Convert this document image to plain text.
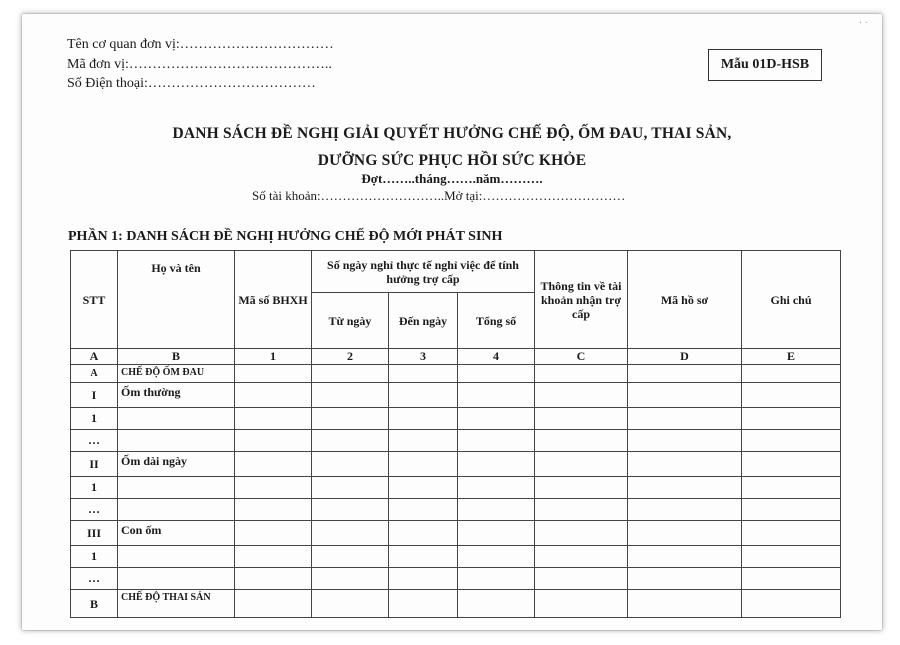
· ·
Tên cơ quan đơn vị:……………………………
Mã đơn vị:……………………………………..
Số Điện thoại:………………………………
Mẫu 01D-HSB
DANH SÁCH ĐỀ NGHỊ GIẢI QUYẾT HƯỞNG CHẾ ĐỘ, ỐM ĐAU, THAI SẢN,
DƯỠNG SỨC PHỤC HỒI SỨC KHỎE
Đợt……..tháng…….năm……….
Số tài khoản:………………………..Mở tại:……………………………
PHẦN 1: DANH SÁCH ĐỀ NGHỊ HƯỞNG CHẾ ĐỘ MỚI PHÁT SINH
STT	Họ và tên	Mã số BHXH	Số ngày nghỉ thực tế nghỉ việc để tính hưởng trợ cấp			Thông tin về tài khoản nhận trợ cấp	Mã hồ sơ	Ghi chú
			Từ ngày	Đến ngày	Tổng số			
A	B	1	2	3	4	C	D	E
A	CHẾ ĐỘ ỐM ĐAU							
I	Ốm thường							
1								
…								
II	Ốm dài ngày							
1								
…								
III	Con ốm							
1								
…								
B	CHẾ ĐỘ THAI SẢN							
